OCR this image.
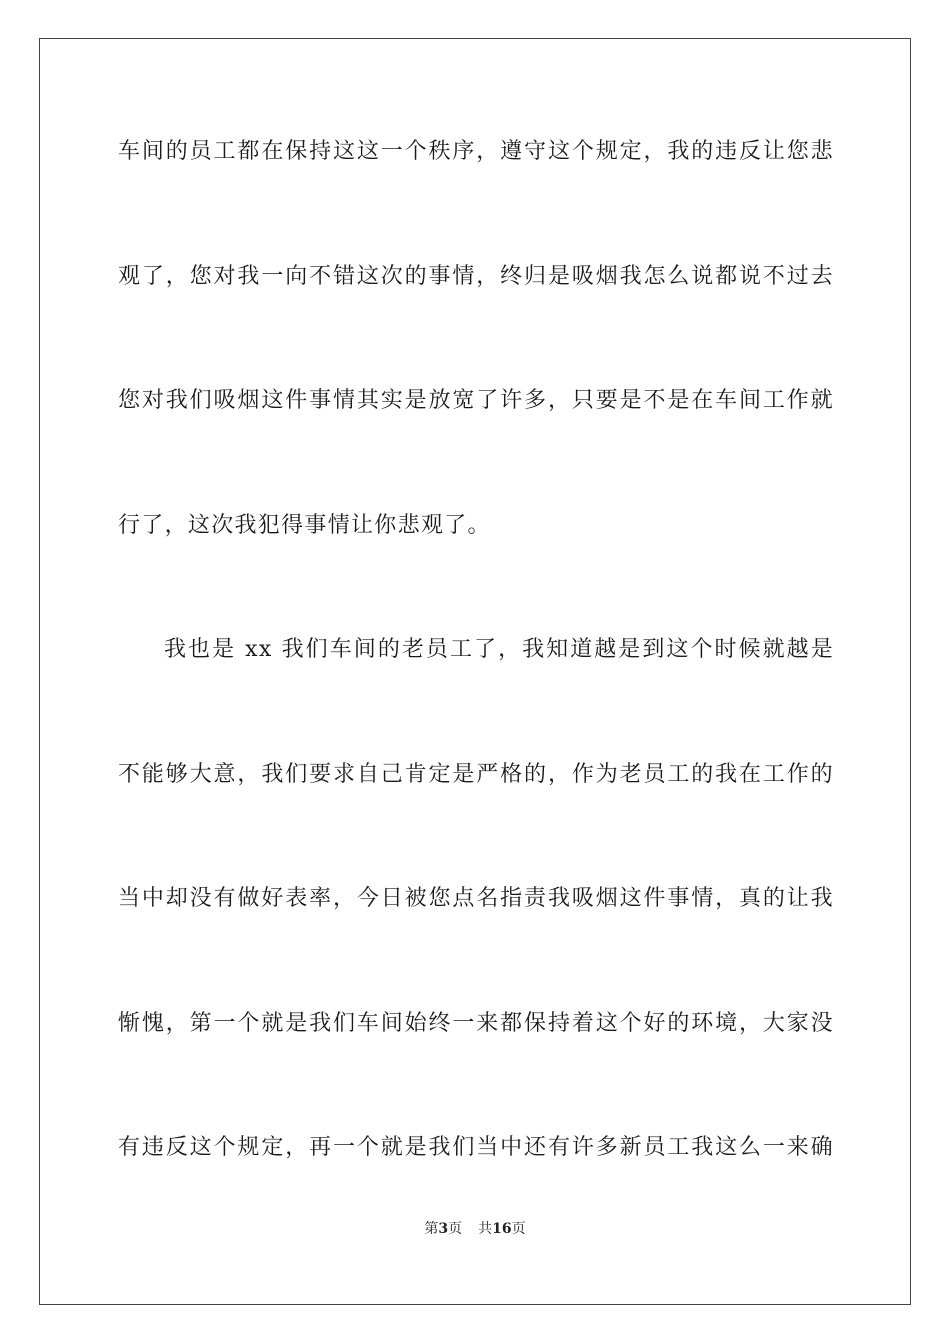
车间的员工都在保持这这一个秩序，遵守这个规定，我的违反让您悲
观了，您对我一向不错这次的事情，终归是吸烟我怎么说都说不过去
您对我们吸烟这件事情其实是放宽了许多，只要是不是在车间工作就
行了，这次我犯得事情让你悲观了。
我也是 xx 我们车间的老员工了，我知道越是到这个时候就越是
不能够大意，我们要求自己肯定是严格的，作为老员工的我在工作的
当中却没有做好表率，今日被您点名指责我吸烟这件事情，真的让我
惭愧，第一个就是我们车间始终一来都保持着这个好的环境，大家没
有违反这个规定，再一个就是我们当中还有许多新员工我这么一来确
第3页 共16页
